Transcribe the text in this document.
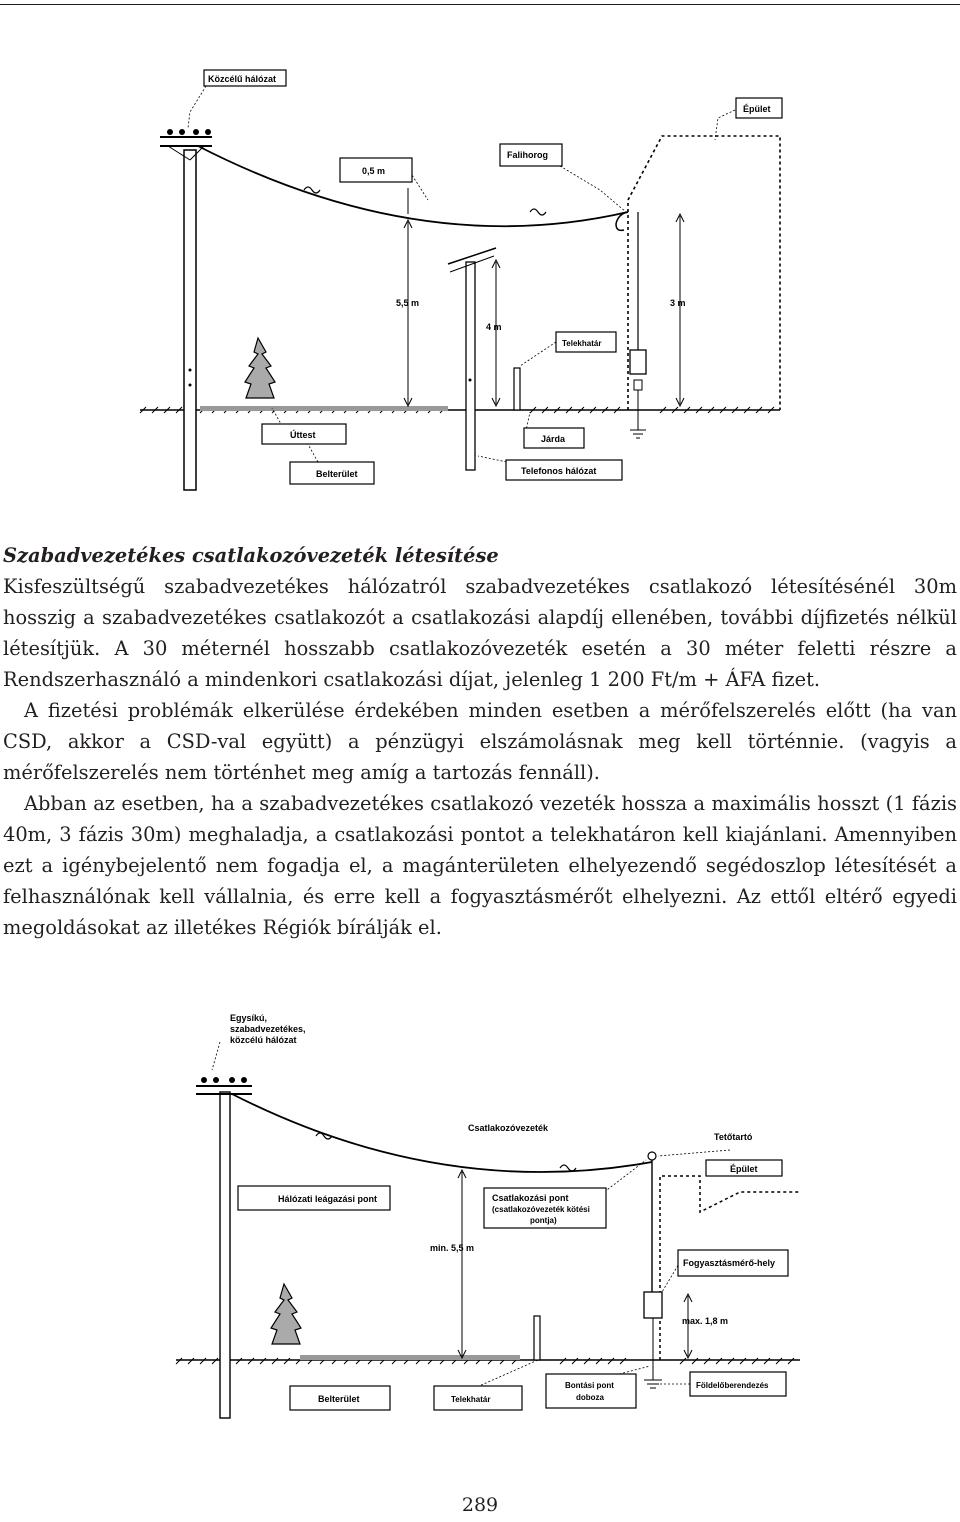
Közcélű hálózat
Épület
Falihorog
0,5 m
5,5 m
4 m
3 m
Telekhatár
Úttest	Járda
Belterület	Telefonos hálózat

Szabadvezetékes csatlakozóvezeték létesítése

Kisfeszültségű szabadvezetékes hálózatról szabadvezetékes csatlakozó létesítésénél 30m hosszig a szabadvezetékes csatlakozót a csatlakozási alapdíj ellenében, további díjfizetés nélkül létesítjük. A 30 méternél hosszabb csatlakozóvezeték esetén a 30 méter feletti részre a Rendszerhasználó a mindenkori csatlakozási díjat, jelenleg 1 200 Ft/m + ÁFA fizet.

A fizetési problémák elkerülése érdekében minden esetben a mérőfelszerelés előtt (ha van CSD, akkor a CSD-val együtt) a pénzügyi elszámolásnak meg kell történnie. (vagyis a mérőfelszerelés nem történhet meg amíg a tartozás fennáll).

Abban az esetben, ha a szabadvezetékes csatlakozó vezeték hossza a maximális hosszt (1 fázis 40m, 3 fázis 30m) meghaladja, a csatlakozási pontot a telekhatáron kell kiajánlani. Amennyiben ezt a igénybejelentő nem fogadja el, a magánterületen elhelyezendő segédoszlop létesítését a felhasználónak kell vállalnia, és erre kell a fogyasztásmérőt elhelyezni. Az ettől eltérő egyedi megoldásokat az illetékes Régiók bírálják el.

Egysíkú,
szabadvezetékes,
közcélú hálózat
Csatlakozóvezeték
Tetőtartó
Épület
Hálózati leágazási pont	Csatlakozási pont
(csatlakozóvezeték kötési
pontja)
min. 5,5 m
Fogyasztásmérő-hely
max. 1,8 m
Belterület	Telekhatár
Bontási pont
doboza
Földelőberendezés
289
